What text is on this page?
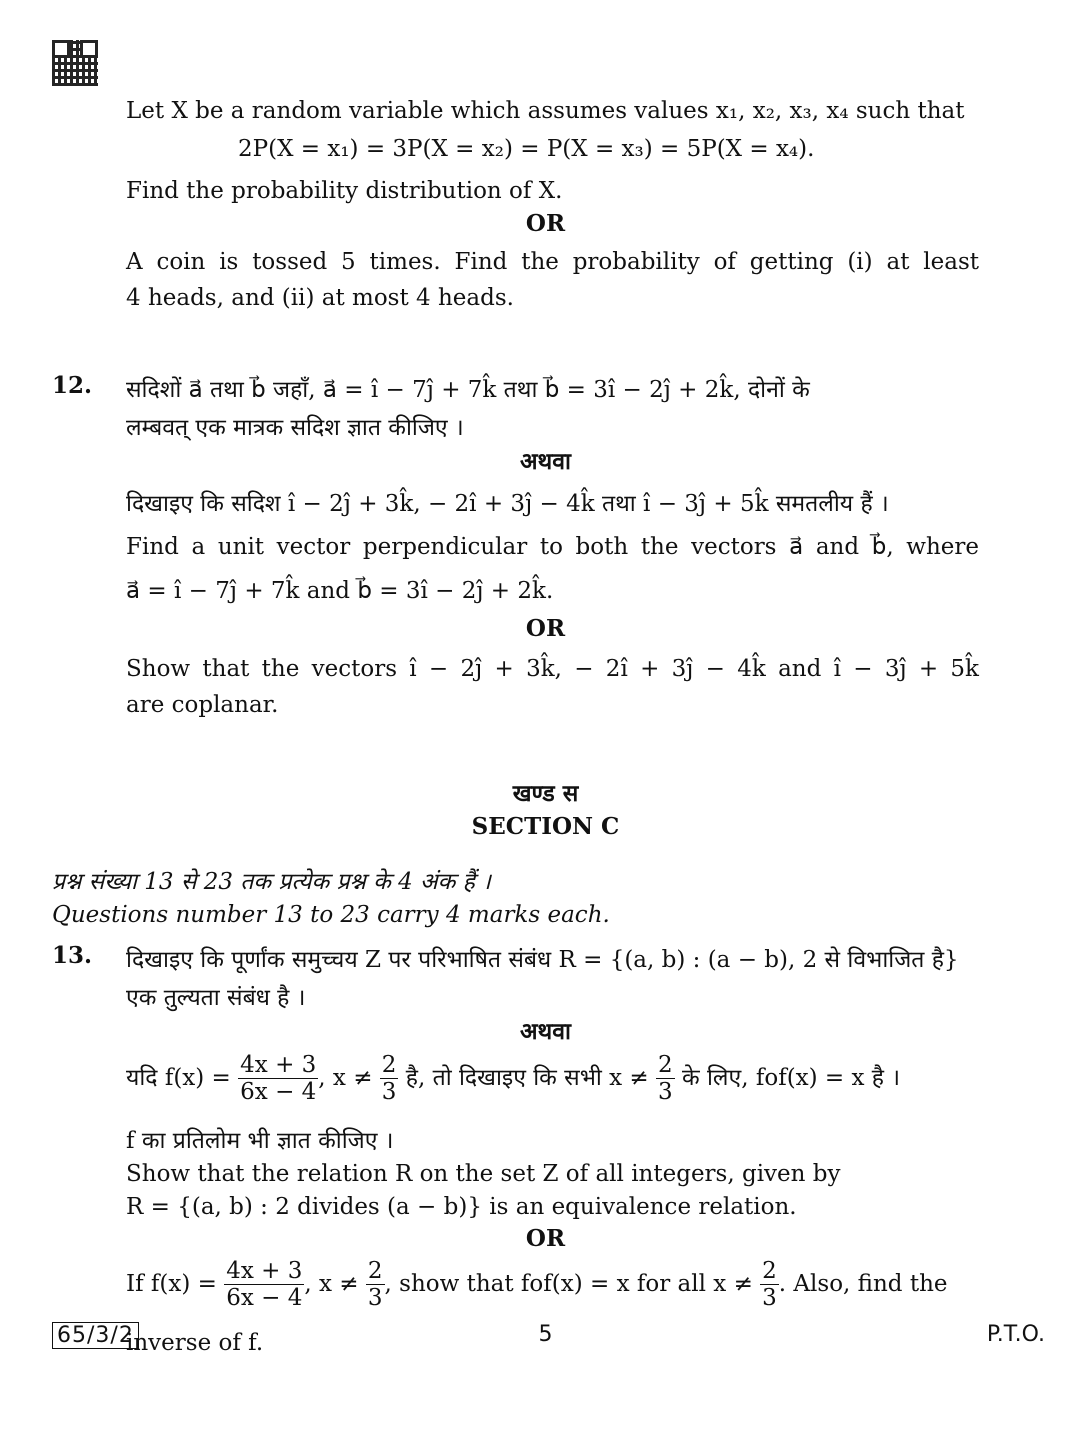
Let X be a random variable which assumes values x₁, x₂, x₃, x₄ such that
2P(X = x₁) = 3P(X = x₂) = P(X = x₃) = 5P(X = x₄).
Find the probability distribution of X.
OR
A coin is tossed 5 times. Find the probability of getting (i) at least
4 heads, and (ii) at most 4 heads.
12. सदिशों a⃗ तथा b⃗ जहाँ, a⃗ = î − 7ĵ + 7k̂ तथा b⃗ = 3î − 2ĵ + 2k̂, दोनों के
लम्बवत् एक मात्रक सदिश ज्ञात कीजिए ।
अथवा
दिखाइए कि सदिश î − 2ĵ + 3k̂, − 2î + 3ĵ − 4k̂ तथा î − 3ĵ + 5k̂ समतलीय हैं ।
Find a unit vector perpendicular to both the vectors a⃗ and b⃗, where
a⃗ = î − 7ĵ + 7k̂ and b⃗ = 3î − 2ĵ + 2k̂.
OR
Show that the vectors î − 2ĵ + 3k̂, − 2î + 3ĵ − 4k̂ and î − 3ĵ + 5k̂
are coplanar.
खण्ड स
SECTION C
प्रश्न संख्या 13 से 23 तक प्रत्येक प्रश्न के 4 अंक हैं ।
Questions number 13 to 23 carry 4 marks each.
13. दिखाइए कि पूर्णांक समुच्चय Z पर परिभाषित संबंध R = {(a, b) : (a − b), 2 से विभाजित है}
एक तुल्यता संबंध है ।
अथवा
यदि $f(x) = \frac{4x + 3}{6x - 4}$ , $x \ne \frac{2}{3}$ है, तो दिखाइए कि सभी $x \ne \frac{2}{3}$ के लिए, fof(x) = x है ।
f का प्रतिलोम भी ज्ञात कीजिए ।
Show that the relation R on the set Z of all integers, given by
R = {(a, b) : 2 divides (a − b)} is an equivalence relation.
OR
If $f(x) = \frac{4x + 3}{6x - 4}$ , $x \ne \frac{2}{3}$ , show that fof(x) = x for all $x \ne \frac{2}{3}$ . Also, find the
inverse of f.
65/3/2	5	P.T.O.
